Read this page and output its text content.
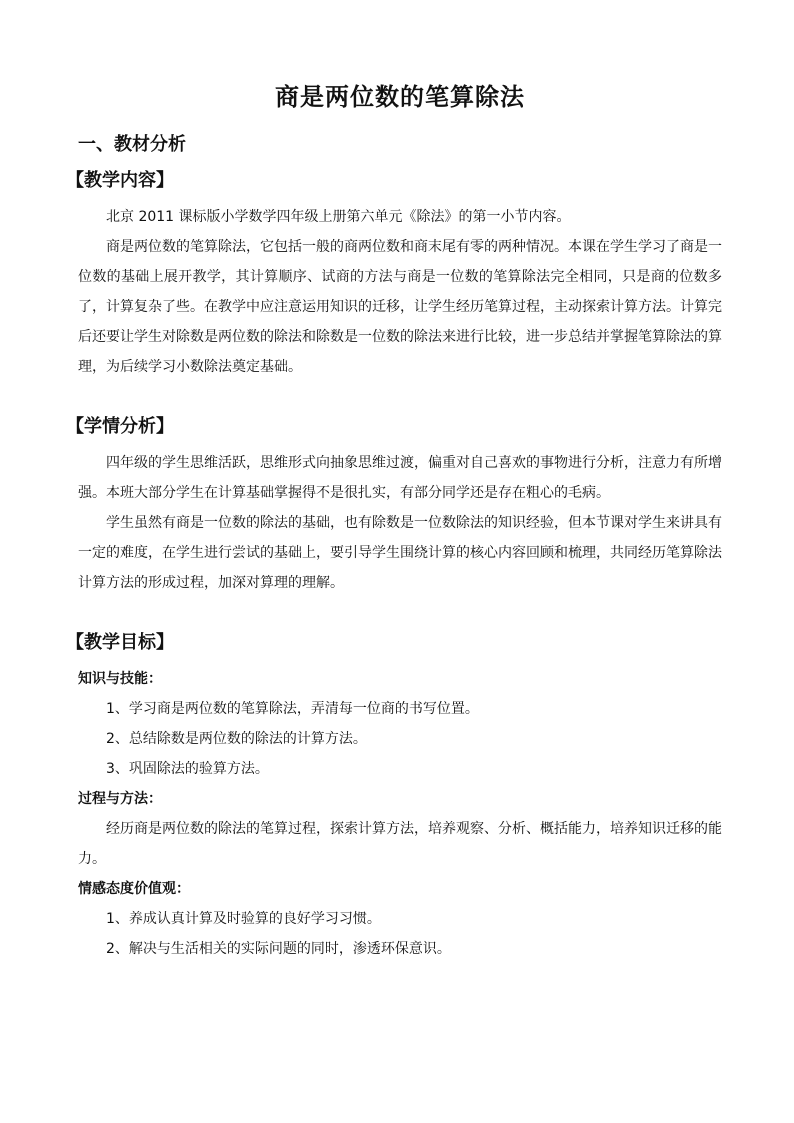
商是两位数的笔算除法
一、教材分析
【教学内容】

北京 2011 课标版小学数学四年级上册第六单元《除法》的第一小节内容。

商是两位数的笔算除法，它包括一般的商两位数和商末尾有零的两种情况。本课在学生学习了商是一位数的基础上展开教学，其计算顺序、试商的方法与商是一位数的笔算除法完全相同，只是商的位数多了，计算复杂了些。在教学中应注意运用知识的迁移，让学生经历笔算过程，主动探索计算方法。计算完后还要让学生对除数是两位数的除法和除数是一位数的除法来进行比较，进一步总结并掌握笔算除法的算理，为后续学习小数除法奠定基础。

【学情分析】

四年级的学生思维活跃，思维形式向抽象思维过渡，偏重对自己喜欢的事物进行分析，注意力有所增强。本班大部分学生在计算基础掌握得不是很扎实，有部分同学还是存在粗心的毛病。

学生虽然有商是一位数的除法的基础，也有除数是一位数除法的知识经验，但本节课对学生来讲具有一定的难度，在学生进行尝试的基础上，要引导学生围绕计算的核心内容回顾和梳理，共同经历笔算除法计算方法的形成过程，加深对算理的理解。

【教学目标】
知识与技能：

1、学习商是两位数的笔算除法，弄清每一位商的书写位置。

2、总结除数是两位数的除法的计算方法。

3、巩固除法的验算方法。

过程与方法：

经历商是两位数的除法的笔算过程，探索计算方法，培养观察、分析、概括能力，培养知识迁移的能力。

情感态度价值观：

1、养成认真计算及时验算的良好学习习惯。

2、解决与生活相关的实际问题的同时，渗透环保意识。
